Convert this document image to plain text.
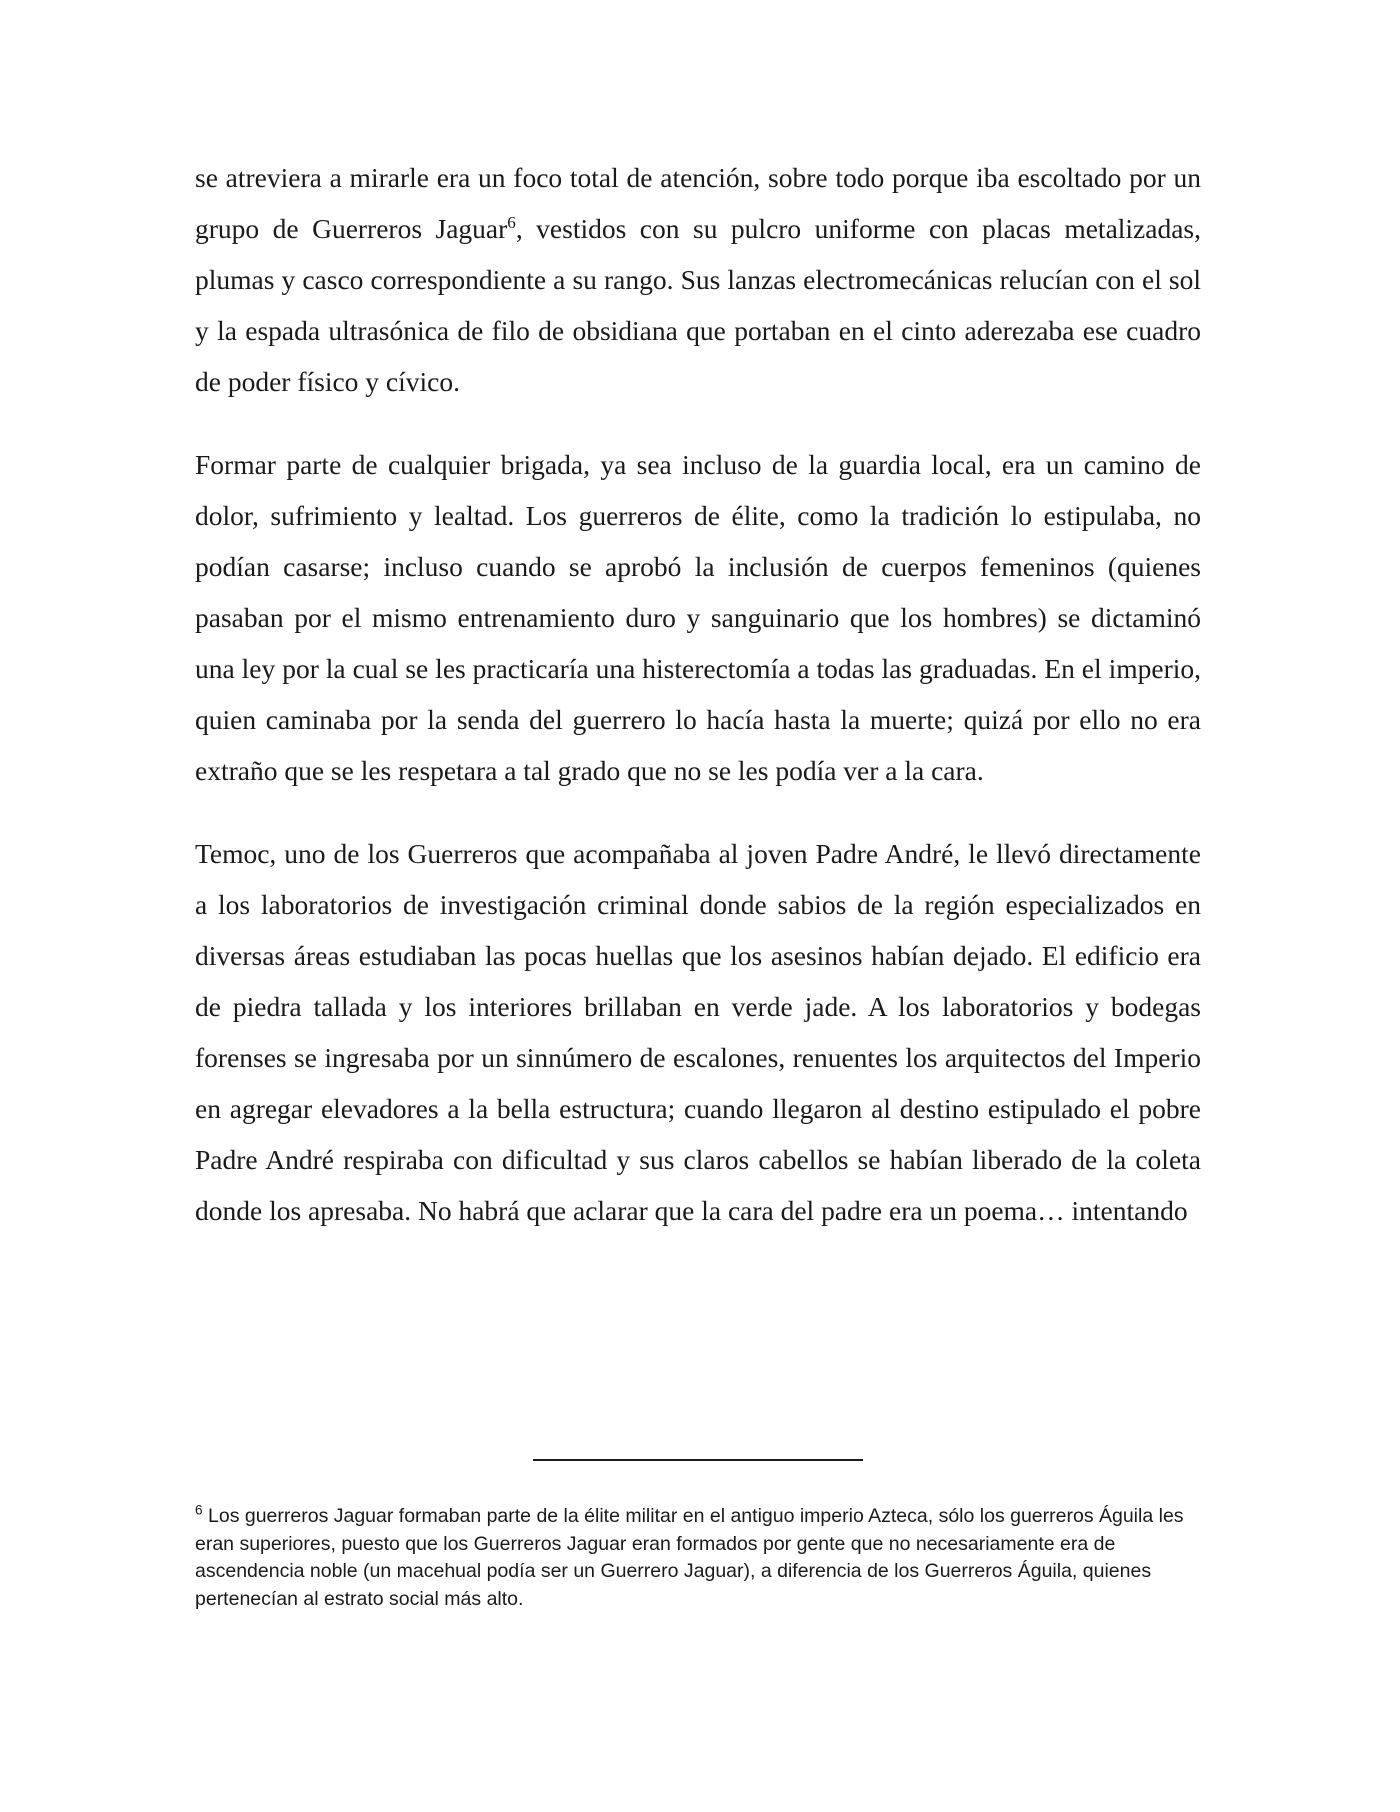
se atreviera a mirarle era un foco total de atención, sobre todo porque iba escoltado por un grupo de Guerreros Jaguar$^6$, vestidos con su pulcro uniforme con placas metalizadas, plumas y casco correspondiente a su rango. Sus lanzas electromecánicas relucían con el sol y la espada ultrasónica de filo de obsidiana que portaban en el cinto aderezaba ese cuadro de poder físico y cívico.

Formar parte de cualquier brigada, ya sea incluso de la guardia local, era un camino de dolor, sufrimiento y lealtad. Los guerreros de élite, como la tradición lo estipulaba, no podían casarse; incluso cuando se aprobó la inclusión de cuerpos femeninos (quienes pasaban por el mismo entrenamiento duro y sanguinario que los hombres) se dictaminó una ley por la cual se les practicaría una histerectomía a todas las graduadas. En el imperio, quien caminaba por la senda del guerrero lo hacía hasta la muerte; quizá por ello no era extraño que se les respetara a tal grado que no se les podía ver a la cara.

Temoc, uno de los Guerreros que acompañaba al joven Padre André, le llevó directamente a los laboratorios de investigación criminal donde sabios de la región especializados en diversas áreas estudiaban las pocas huellas que los asesinos habían dejado. El edificio era de piedra tallada y los interiores brillaban en verde jade. A los laboratorios y bodegas forenses se ingresaba por un sinnúmero de escalones, renuentes los arquitectos del Imperio en agregar elevadores a la bella estructura; cuando llegaron al destino estipulado el pobre Padre André respiraba con dificultad y sus claros cabellos se habían liberado de la coleta donde los apresaba. No habrá que aclarar que la cara del padre era un poema… intentando

$^6$ Los guerreros Jaguar formaban parte de la élite militar en el antiguo imperio Azteca, sólo los guerreros Águila les eran superiores, puesto que los Guerreros Jaguar eran formados por gente que no necesariamente era de ascendencia noble (un macehual podía ser un Guerrero Jaguar), a diferencia de los Guerreros Águila, quienes pertenecían al estrato social más alto.
